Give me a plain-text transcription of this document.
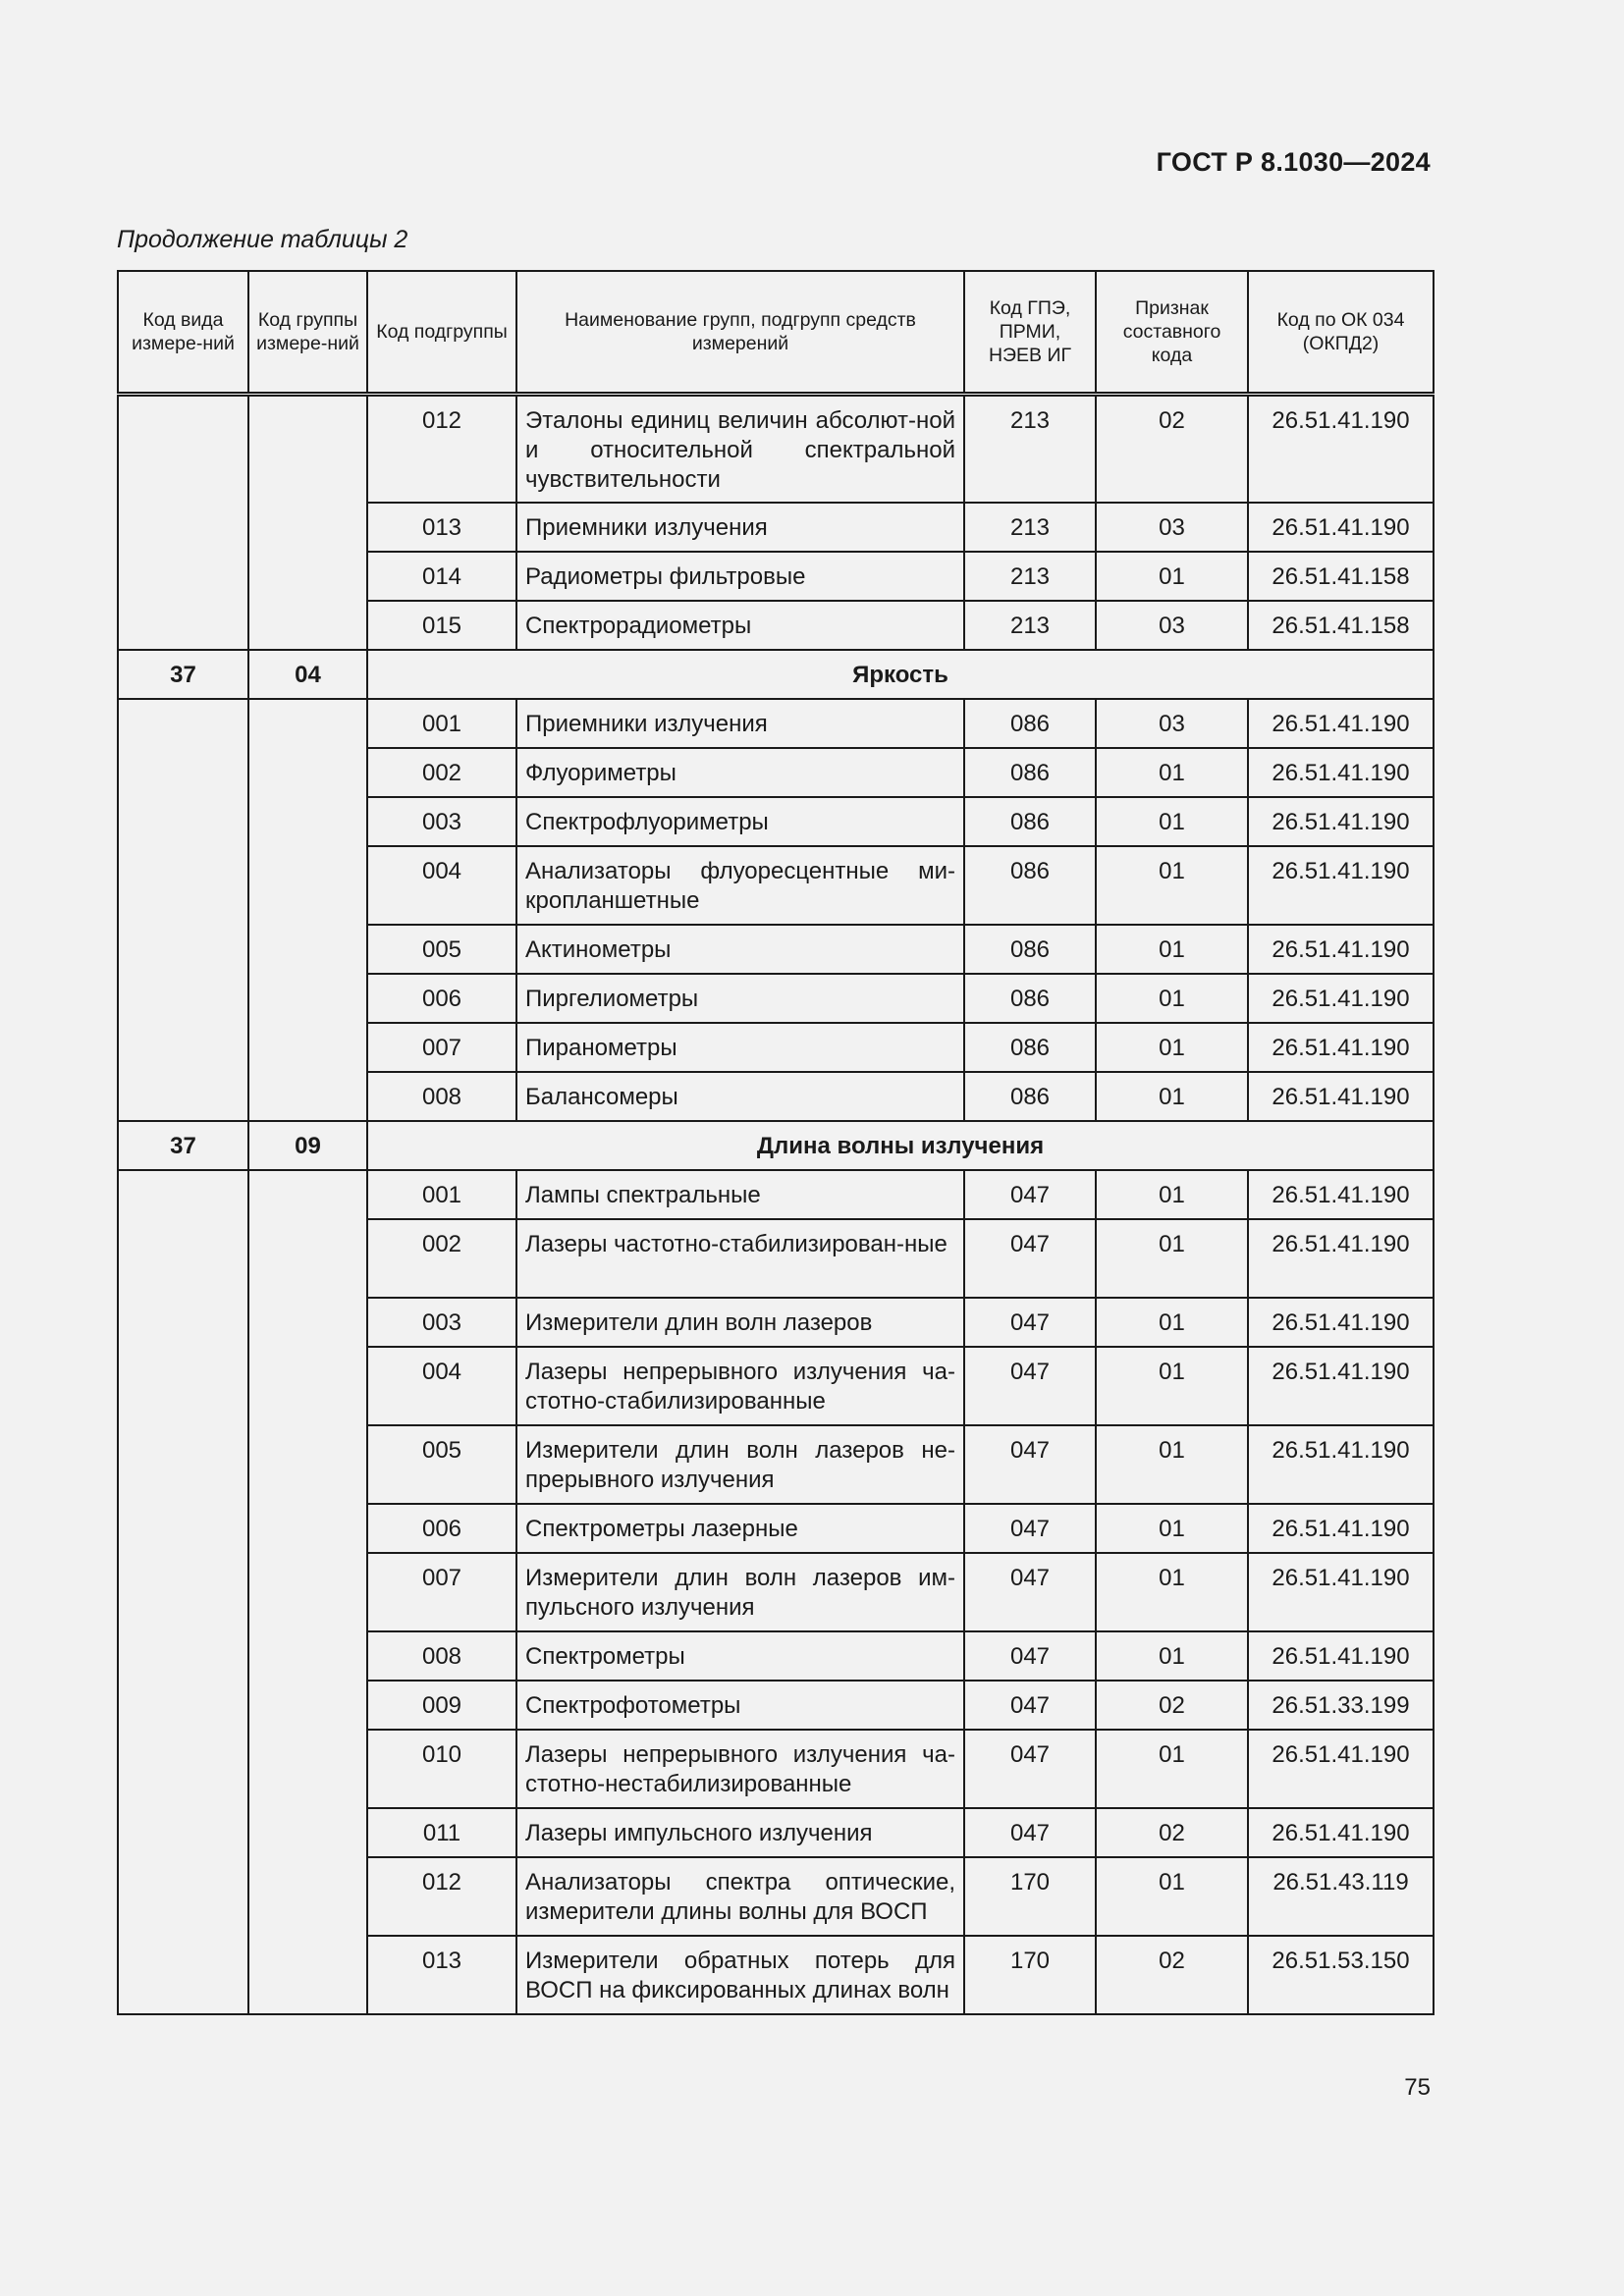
ГОСТ Р 8.1030—2024
Продолжение таблицы 2
Код вида измере-ний	Код группы измере-ний	Код подгруппы	Наименование групп, подгрупп средств измерений	Код ГПЭ, ПРМИ, НЭЕВ ИГ	Признак составного кода	Код по ОК 034 (ОКПД2)
		012	Эталоны единиц величин абсолют-ной и относительной спектральной чувствительности	213	02	26.51.41.190
		013	Приемники излучения	213	03	26.51.41.190
		014	Радиометры фильтровые	213	01	26.51.41.158
		015	Спектрорадиометры	213	03	26.51.41.158
37	04	Яркость				
		001	Приемники излучения	086	03	26.51.41.190
		002	Флуориметры	086	01	26.51.41.190
		003	Спектрофлуориметры	086	01	26.51.41.190
		004	Анализаторы флуоресцентные ми-кропланшетные	086	01	26.51.41.190
		005	Актинометры	086	01	26.51.41.190
		006	Пиргелиометры	086	01	26.51.41.190
		007	Пиранометры	086	01	26.51.41.190
		008	Балансомеры	086	01	26.51.41.190
37	09	Длина волны излучения				
		001	Лампы спектральные	047	01	26.51.41.190
		002	Лазеры частотно-стабилизирован-ные	047	01	26.51.41.190
		003	Измерители длин волн лазеров	047	01	26.51.41.190
		004	Лазеры непрерывного излучения ча-стотно-стабилизированные	047	01	26.51.41.190
		005	Измерители длин волн лазеров не-прерывного излучения	047	01	26.51.41.190
		006	Спектрометры лазерные	047	01	26.51.41.190
		007	Измерители длин волн лазеров им-пульсного излучения	047	01	26.51.41.190
		008	Спектрометры	047	01	26.51.41.190
		009	Спектрофотометры	047	02	26.51.33.199
		010	Лазеры непрерывного излучения ча-стотно-нестабилизированные	047	01	26.51.41.190
		011	Лазеры импульсного излучения	047	02	26.51.41.190
		012	Анализаторы спектра оптические, измерители длины волны для ВОСП	170	01	26.51.43.119
		013	Измерители обратных потерь для ВОСП на фиксированных длинах волн	170	02	26.51.53.150
75
